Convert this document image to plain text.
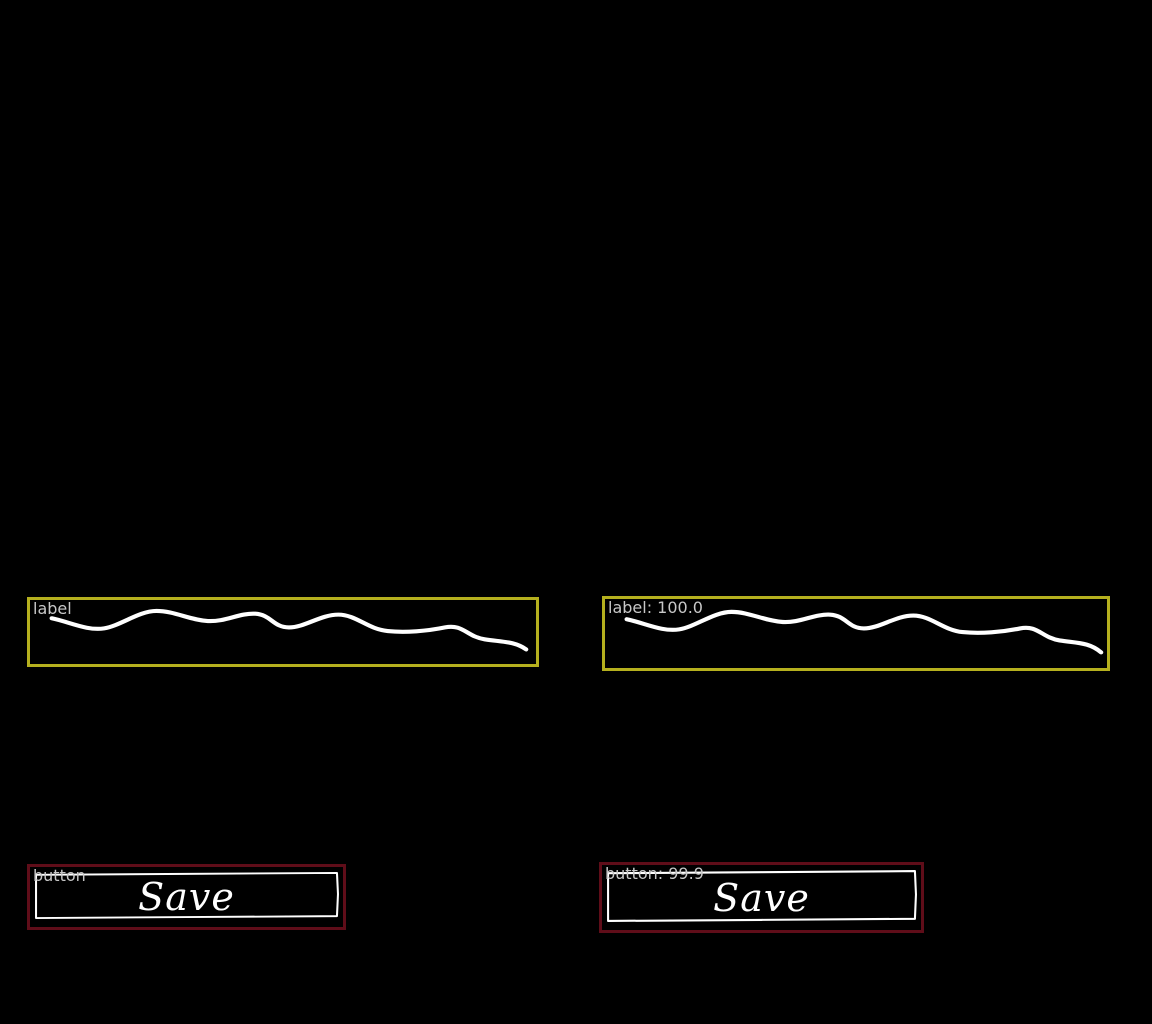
label
button	Save
label: 100.0
button: 99.9
Save
